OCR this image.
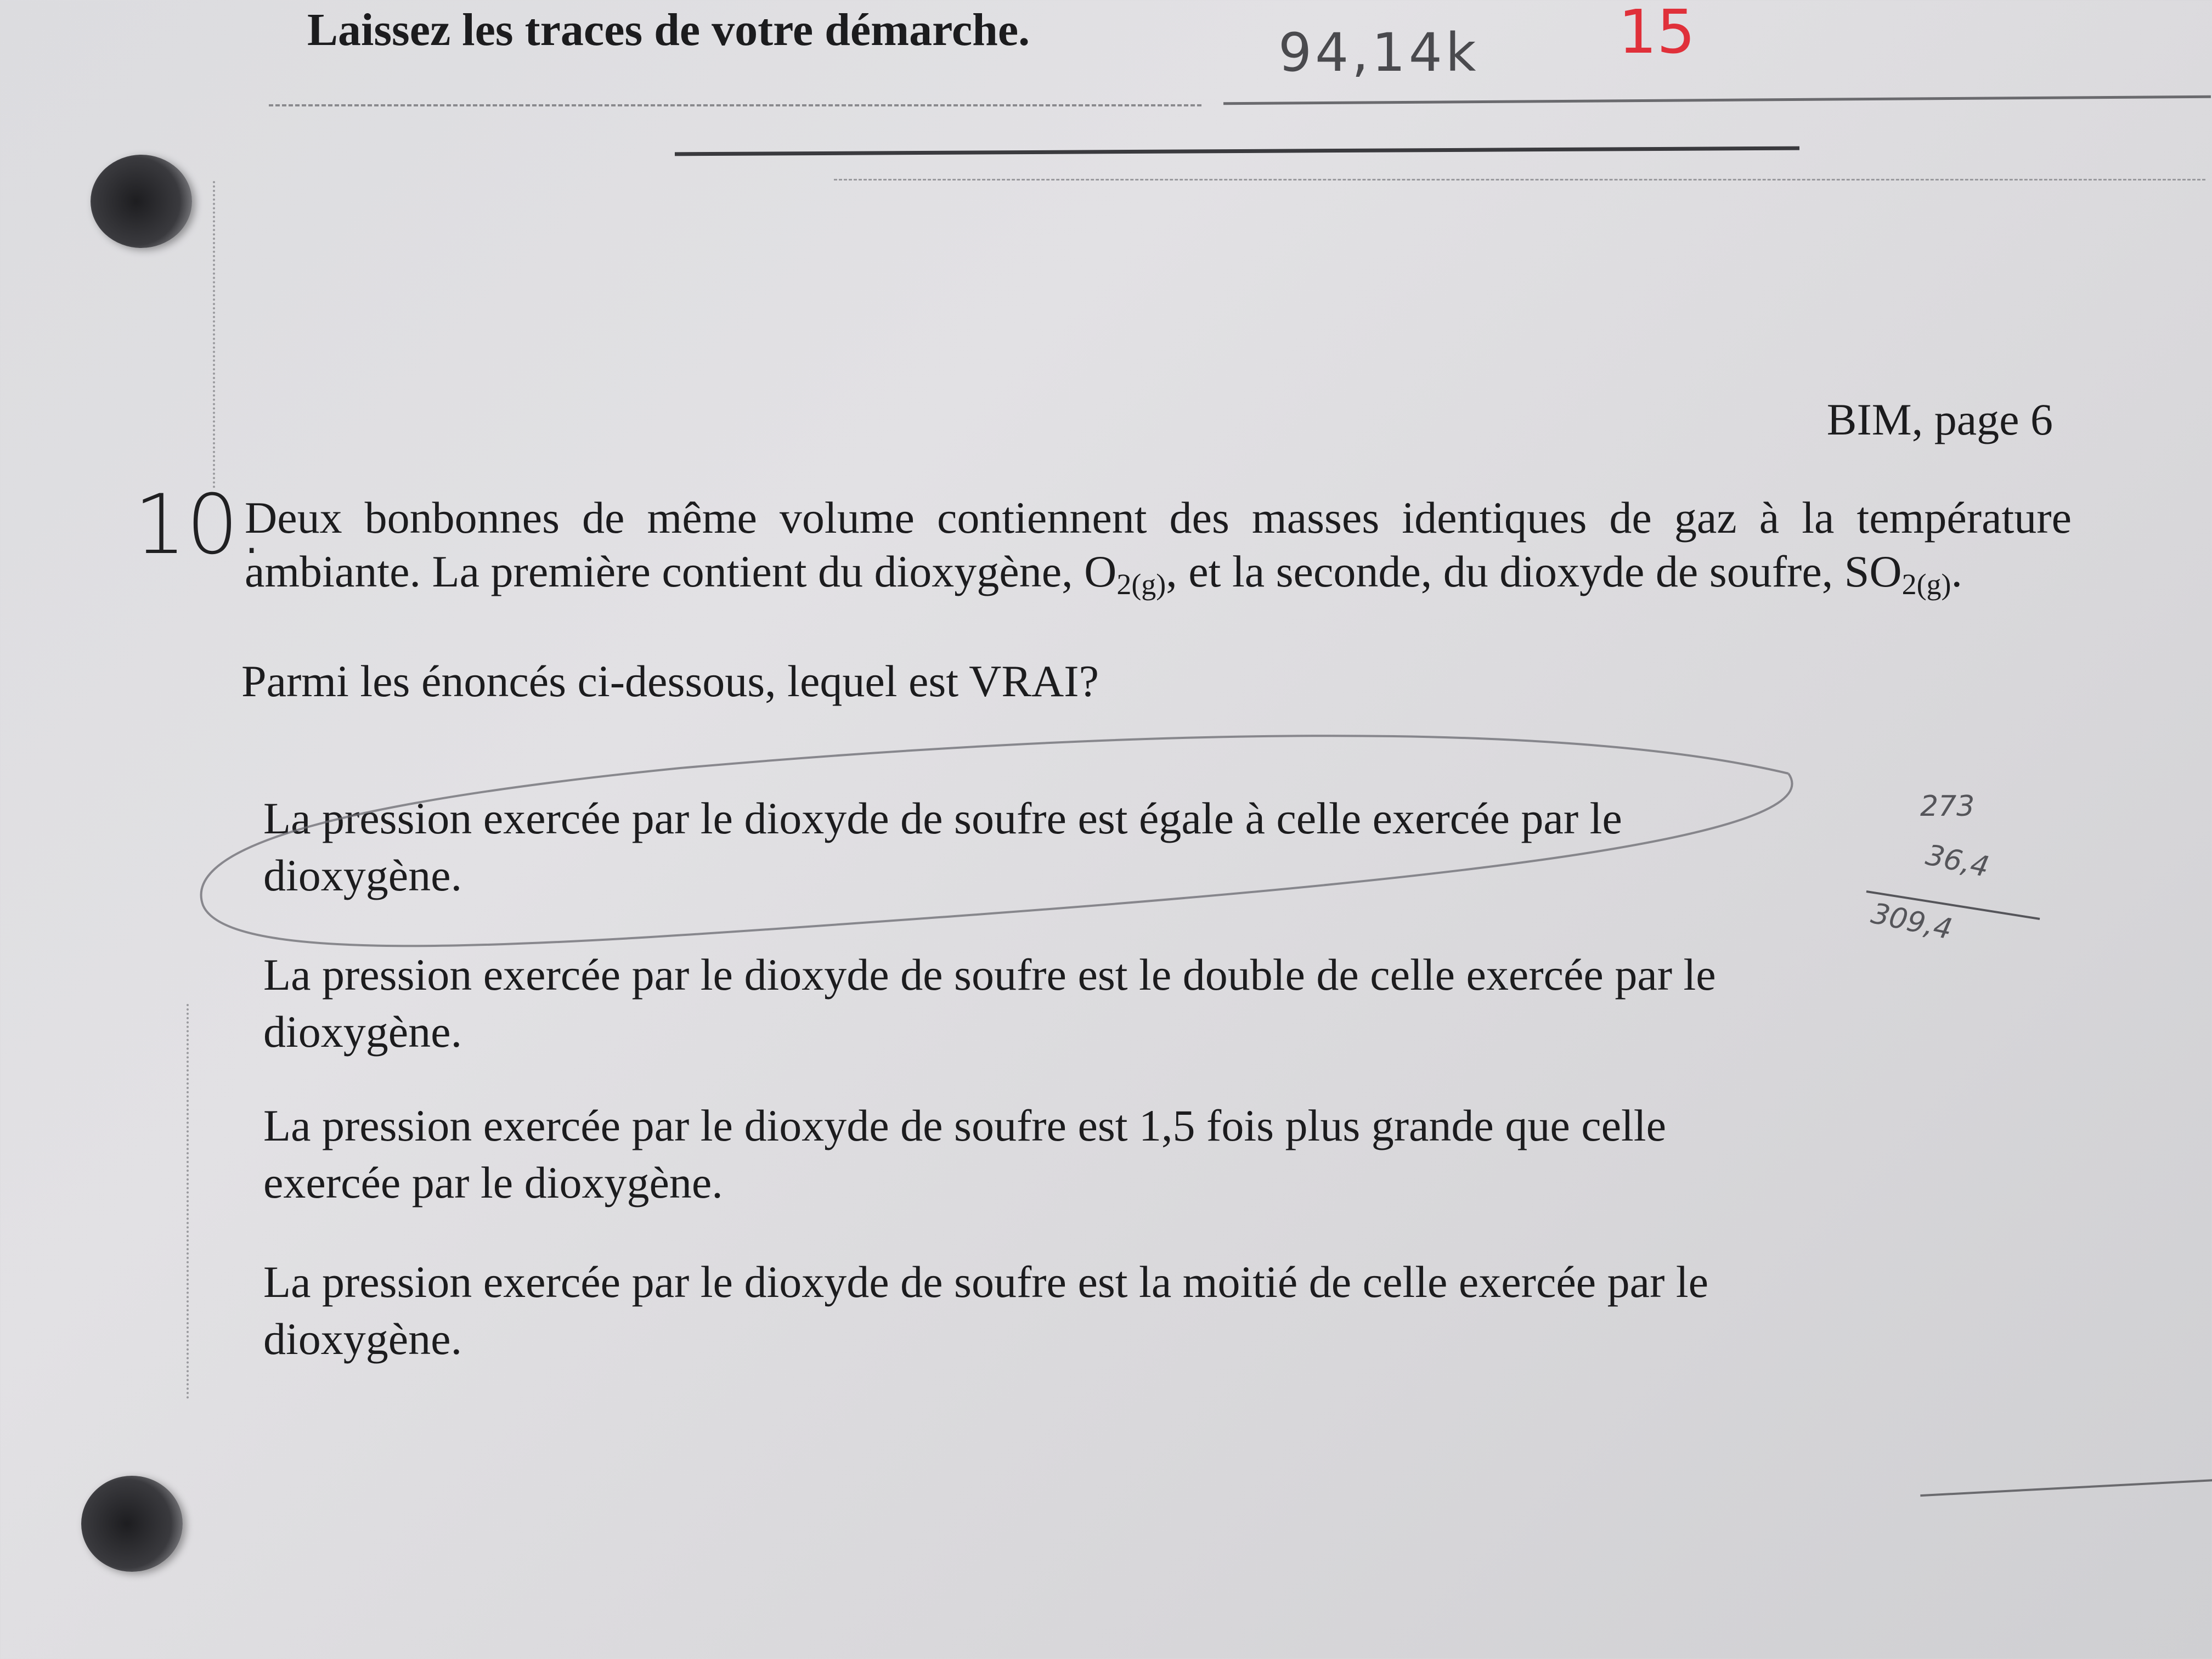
Laissez les traces de votre démarche.	94,14k 15
BIM, page 6
10.
Deux bonbonnes de même volume contiennent des masses identiques de gaz à la température ambiante. La première contient du dioxygène, $O_{2(g)}$, et la seconde, du dioxyde de soufre, $SO_{2(g)}$.
Parmi les énoncés ci-dessous, lequel est VRAI?
La pression exercée par le dioxyde de soufre est égale à celle exercée par le
dioxygène.
La pression exercée par le dioxyde de soufre est le double de celle exercée par le
dioxygène.
La pression exercée par le dioxyde de soufre est 1,5 fois plus grande que celle
exercée par le dioxygène.
La pression exercée par le dioxyde de soufre est la moitié de celle exercée par le
dioxygène.
273
36,4
309,4
